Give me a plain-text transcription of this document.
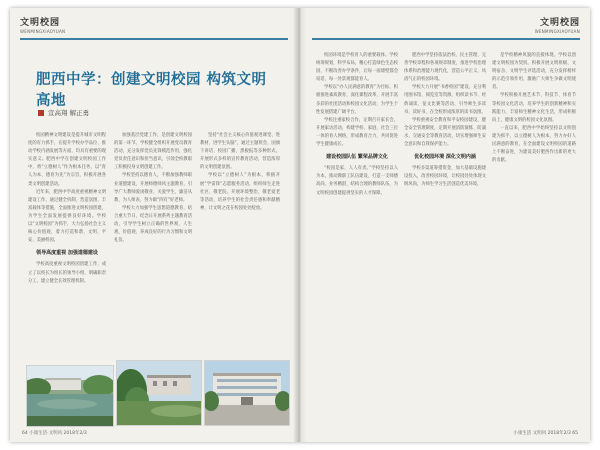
文明校园
WENMINGXIAOYUAN
肥西中学：创建文明校园 构筑文明高地
宣高翔 解正勇

校园精神文明建设是提升城市文明程度的有力抓手，在提升学校办学品位、推动学校内涵发展等方面，均具有重要的现实意义。肥西中学在创建文明校园工作中，将“立德树人”作为根本任务，以“育人为本、德育为先”为宗旨，积极开展各类文明创建活动。

近年来，肥西中学高度重视精神文明建设工作，通过健全机制、营造氛围、丰富载体等措施，全面推进文明校园创建，为学生全面发展提供良好环境。学校以“文明校园”为抓手，大力弘扬社会主义核心价值观，着力打造和谐、文明、平安、美丽校园。

领导高度重视 加强道德建设

学校高度重视文明校园创建工作，成立了以校长为组长的领导小组，明确职责分工，建立健全长效管理机制。

加强基层党建工作，是创建文明校园的第一环节。学校健全组织开展党员教育活动，充分发挥党员先锋模范作用，强化党员责任意识和担当意识，引领全校教职工积极投身文明创建工作。

学校坚持以德育人，不断加强教师职业道德建设，开展师德师风主题教育，引导广大教师爱岗敬业、关爱学生、廉洁从教、为人师表，努力做“四有”好老师。

学校大力加强学生思想道德教育，结合重大节日、纪念日开展系列主题教育活动，引导学生树立正确的世界观、人生观、价值观，养成良好的行为习惯和文明礼仪。

坚持“社会主义核心价值观进课堂、进教材、进学生头脑”，通过主题班会、国旗下讲话、校园广播、黑板报等多种形式，开展形式多样的宣传教育活动，营造浓厚的文明创建氛围。

学校以“立德树人”为根本，积极开展“学雷锋”志愿服务活动，组织师生走进社区、敬老院，开展环境整治、敬老爱老等活动，培养学生的社会责任感和奉献精神，让文明之花在校园处处绽放。

64 小康生活·文明风 2018年2/3
文明校园
WENMINGXIAOYUAN

校园环境是学校育人的重要载体。学校统筹规划，科学布局，精心打造绿色生态校园，不断改善办学条件，让每一面墙壁都会说话，每一处景观都能育人。

学校以“办人民满意的教育”为目标，积极推进素质教育，深化课程改革，开展丰富多彩的社团活动和校园文化活动，为学生个性发展搭建广阔平台。

学校注重家校合作，定期召开家长会，开展家访活动，构建学校、家庭、社会三位一体的育人网络，形成教育合力，共同促进学生健康成长。

建设校园队伍 繁荣品牌文化

“校园是家，人人有责。”学校坚持以人为本，推动教职工队伍建设，打造一支师德高尚、业务精湛、结构合理的教师队伍，为文明校园创建提供坚实的人才保障。

肥西中学坚持依法治校、民主管理，完善学校章程和各项规章制度，推进学校治理体系和治理能力现代化，营造公平正义、风清气正的校园环境。

学校大力开展“书香校园”建设，充分利用图书馆、阅览室等资源，组织读书节、经典诵读、征文比赛等活动，引导师生多读书、读好书，在全校形成浓厚的读书氛围。

学校重视安全教育和平安校园建设，健全安全管理制度，定期开展消防演练、防溺水、交通安全等教育活动，切实增强师生安全意识和自我保护能力。

优化校园环境 深化文明内涵

学校多渠道筹措资金，加大基础设施建设投入，改善校园环境，让校园处处体现文明风尚，为师生学习生活创造优美环境。

是学校精神风貌的直接体现。学校以创建文明校园为契机，积极开展文明班级、文明宿舍、文明学生评选活动，充分发挥榜样的示范引领作用，激励广大师生争做文明使者。

学校积极开展艺术节、科技节、体育节等校园文化活动，培养学生的创新精神和实践能力，丰富师生精神文化生活，形成积极向上、健康文明的校园文化氛围。

一直以来，肥西中学始终坚持以文明创建为抓手，以立德树人为根本，努力办好人民满意的教育，在全面建设文明校园的道路上不断奋进，为建设美好肥西作出新的更大的贡献。

小康生活 文明风 2018年2/3 65
